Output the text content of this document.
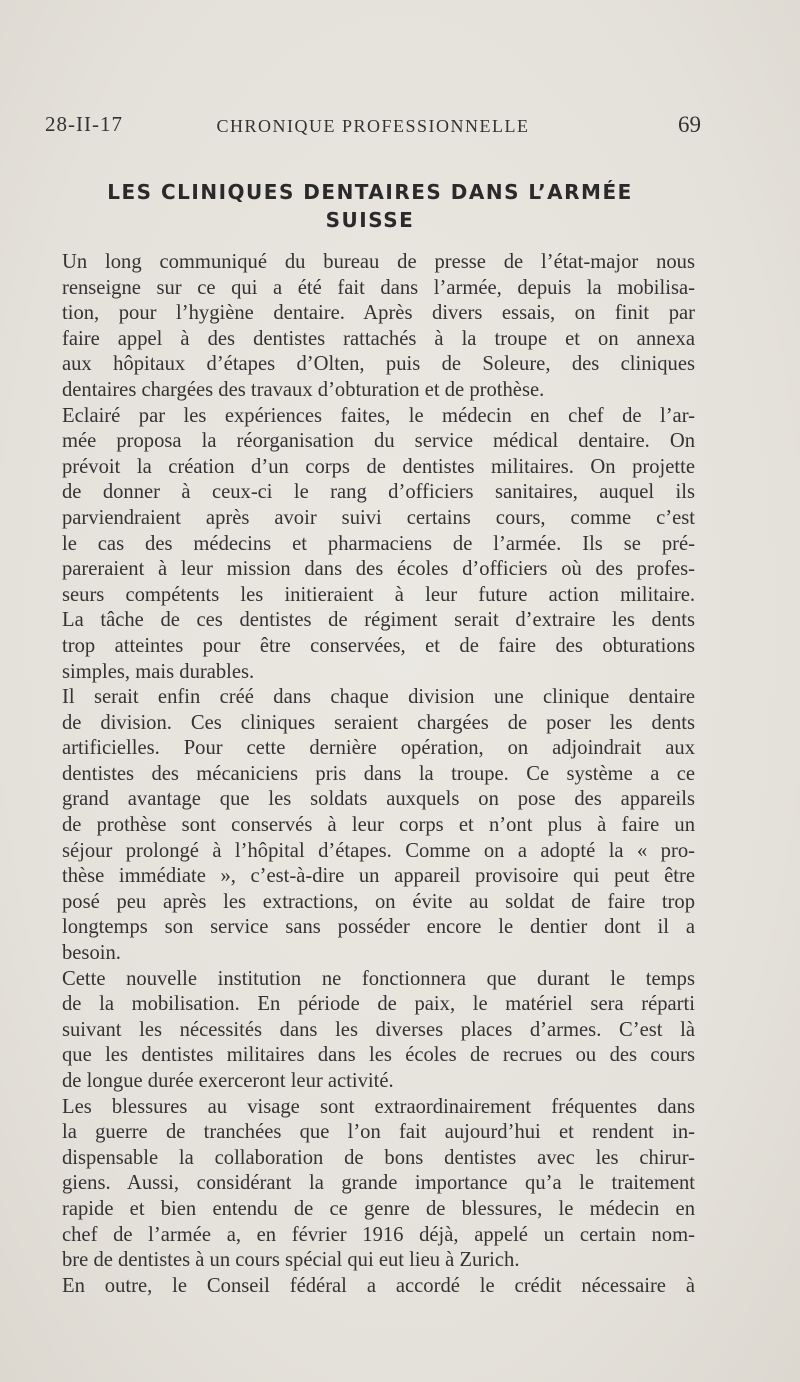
28-II-17	CHRONIQUE PROFESSIONNELLE	69
LES CLINIQUES DENTAIRES DANS L’ARMÉE
SUISSE
Un long communiqué du bureau de presse de l’état-major nous
renseigne sur ce qui a été fait dans l’armée, depuis la mobilisa-
tion, pour l’hygiène dentaire. Après divers essais, on finit par
faire appel à des dentistes rattachés à la troupe et on annexa
aux hôpitaux d’étapes d’Olten, puis de Soleure, des cliniques
dentaires chargées des travaux d’obturation et de prothèse.
Eclairé par les expériences faites, le médecin en chef de l’ar-
mée proposa la réorganisation du service médical dentaire. On
prévoit la création d’un corps de dentistes militaires. On projette
de donner à ceux-ci le rang d’officiers sanitaires, auquel ils
parviendraient après avoir suivi certains cours, comme c’est
le cas des médecins et pharmaciens de l’armée. Ils se pré-
pareraient à leur mission dans des écoles d’officiers où des profes-
seurs compétents les initieraient à leur future action militaire.
La tâche de ces dentistes de régiment serait d’extraire les dents
trop atteintes pour être conservées, et de faire des obturations
simples, mais durables.
Il serait enfin créé dans chaque division une clinique dentaire
de division. Ces cliniques seraient chargées de poser les dents
artificielles. Pour cette dernière opération, on adjoindrait aux
dentistes des mécaniciens pris dans la troupe. Ce système a ce
grand avantage que les soldats auxquels on pose des appareils
de prothèse sont conservés à leur corps et n’ont plus à faire un
séjour prolongé à l’hôpital d’étapes. Comme on a adopté la « pro-
thèse immédiate », c’est-à-dire un appareil provisoire qui peut être
posé peu après les extractions, on évite au soldat de faire trop
longtemps son service sans posséder encore le dentier dont il a
besoin.
Cette nouvelle institution ne fonctionnera que durant le temps
de la mobilisation. En période de paix, le matériel sera réparti
suivant les nécessités dans les diverses places d’armes. C’est là
que les dentistes militaires dans les écoles de recrues ou des cours
de longue durée exerceront leur activité.
Les blessures au visage sont extraordinairement fréquentes dans
la guerre de tranchées que l’on fait aujourd’hui et rendent in-
dispensable la collaboration de bons dentistes avec les chirur-
giens. Aussi, considérant la grande importance qu’a le traitement
rapide et bien entendu de ce genre de blessures, le médecin en
chef de l’armée a, en février 1916 déjà, appelé un certain nom-
bre de dentistes à un cours spécial qui eut lieu à Zurich.
En outre, le Conseil fédéral a accordé le crédit nécessaire à
